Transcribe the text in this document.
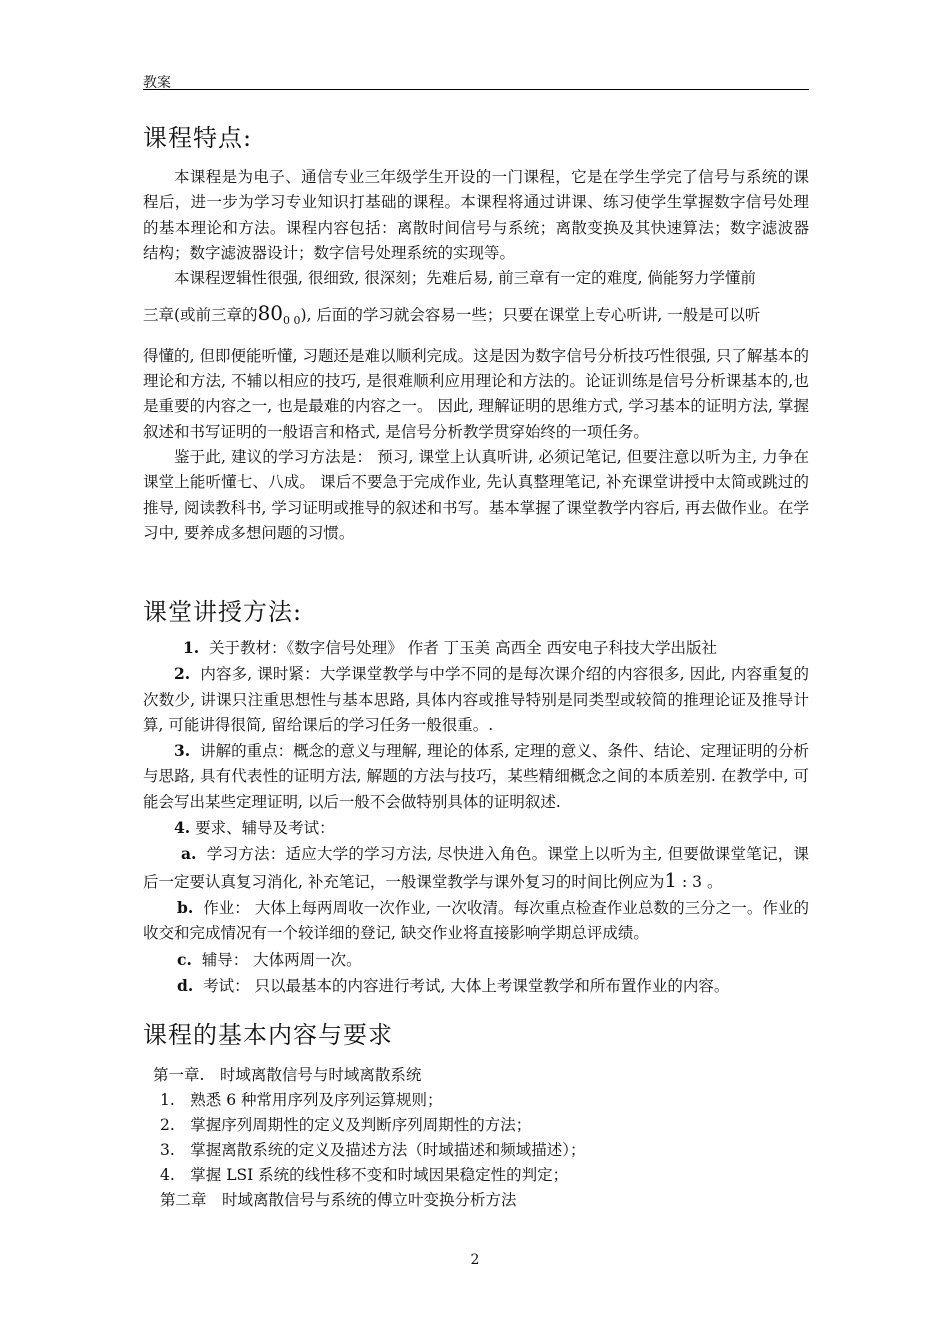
教案
课程特点:

本课程是为电子、通信专业三年级学生开设的一门课程，它是在学生学完了信号与系统的课程后，进一步为学习专业知识打基础的课程。本课程将通过讲课、练习使学生掌握数字信号处理的基本理论和方法。课程内容包括：离散时间信号与系统；离散变换及其快速算法；数字滤波器结构；数字滤波器设计；数字信号处理系统的实现等。

本课程逻辑性很强, 很细致, 很深刻；先难后易, 前三章有一定的难度, 倘能努力学懂前

三章(或前三章的$80_{0 0}$), 后面的学习就会容易一些；只要在课堂上专心听讲, 一般是可以听

得懂的, 但即便能听懂, 习题还是难以顺利完成。这是因为数字信号分析技巧性很强, 只了解基本的理论和方法, 不辅以相应的技巧, 是很难顺利应用理论和方法的。论证训练是信号分析课基本的,也是重要的内容之一, 也是最难的内容之一。 因此, 理解证明的思维方式, 学习基本的证明方法, 掌握叙述和书写证明的一般语言和格式, 是信号分析教学贯穿始终的一项任务。

鉴于此, 建议的学习方法是： 预习, 课堂上认真听讲, 必须记笔记, 但要注意以听为主, 力争在课堂上能听懂七、八成。 课后不要急于完成作业, 先认真整理笔记, 补充课堂讲授中太简或跳过的推导, 阅读教科书, 学习证明或推导的叙述和书写。基本掌握了课堂教学内容后, 再去做作业。在学习中, 要养成多想问题的习惯。

课堂讲授方法:

1. 关于教材：《数字信号处理》 作者 丁玉美 高西全 西安电子科技大学出版社

2. 内容多, 课时紧：大学课堂教学与中学不同的是每次课介绍的内容很多, 因此, 内容重复的次数少, 讲课只注重思想性与基本思路, 具体内容或推导特别是同类型或较简的推理论证及推导计算, 可能讲得很简, 留给课后的学习任务一般很重。.

3. 讲解的重点：概念的意义与理解, 理论的体系, 定理的意义、条件、结论、定理证明的分析与思路, 具有代表性的证明方法, 解题的方法与技巧，某些精细概念之间的本质差别. 在教学中, 可能会写出某些定理证明, 以后一般不会做特别具体的证明叙述.

4. 要求、辅导及考试：

a. 学习方法：适应大学的学习方法, 尽快进入角色。课堂上以听为主, 但要做课堂笔记，课后一定要认真复习消化, 补充笔记，一般课堂教学与课外复习的时间比例应为1 : 3 。

b. 作业： 大体上每两周收一次作业, 一次收清。每次重点检查作业总数的三分之一。作业的收交和完成情况有一个较详细的登记, 缺交作业将直接影响学期总评成绩。

c. 辅导： 大体两周一次。

d. 考试： 只以最基本的内容进行考试, 大体上考课堂教学和所布置作业的内容。

课程的基本内容与要求
第一章.　时域离散信号与时域离散系统
1.　熟悉 6 种常用序列及序列运算规则；
2.　掌握序列周期性的定义及判断序列周期性的方法；
3.　掌握离散系统的定义及描述方法（时域描述和频域描述）；
4.　掌握 LSI 系统的线性移不变和时域因果稳定性的判定；
第二章　时域离散信号与系统的傅立叶变换分析方法
2
